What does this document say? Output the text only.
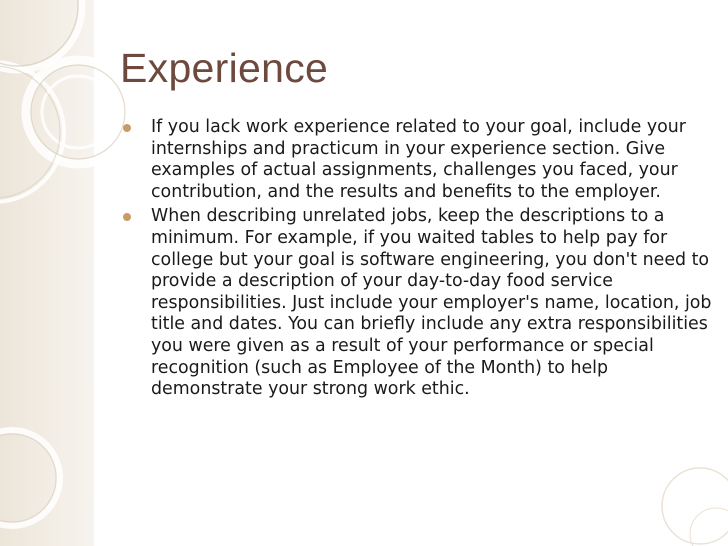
Experience
If you lack work experience related to your goal, include your internships and practicum in your experience section. Give examples of actual assignments, challenges you faced, your contribution, and the results and benefits to the employer.
When describing unrelated jobs, keep the descriptions to a minimum. For example, if you waited tables to help pay for college but your goal is software engineering, you don't need to provide a description of your day-to-day food service responsibilities. Just include your employer's name, location, job title and dates. You can briefly include any extra responsibilities you were given as a result of your performance or special recognition (such as Employee of the Month) to help demonstrate your strong work ethic.
